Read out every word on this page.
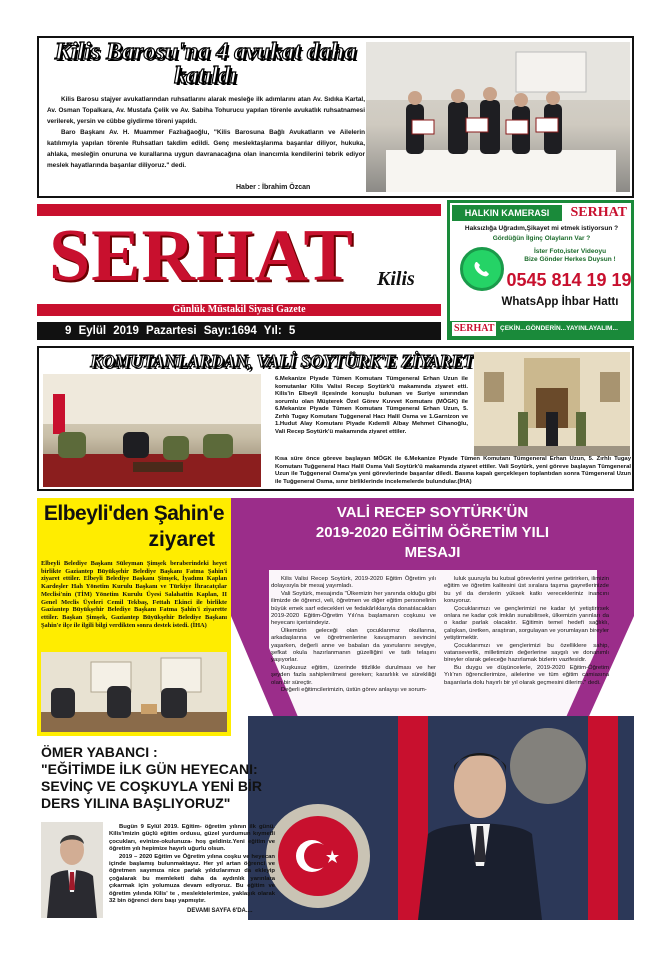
Kilis Barosu'na 4 avukat daha katıldı

Kilis Barosu stajyer avukatlarından ruhsatlarını alarak mesleğe ilk adımlarını atan Av. Sıdıka Kartal, Av. Osman Topalkara, Av. Mustafa Çelik ve Av. Sabiha Tohurucu yapılan törenle avukatlık ruhsatnamesi verilerek, yersin ve cübbe giydirme töreni yapıldı.

Baro Başkanı Av. H. Muammer Fazlıağaoğlu, "Kilis Barosuna Bağlı Avukatların ve Ailelerin katılımıyla yapılan törenle Ruhsatları takdim edildi. Genç meslektaşlarıma başarılar diliyor, hukuka, ahlaka, mesleğin onuruna ve kurallarına uygun davranacağına olan inancımla kendilerini tebrik ediyor meslek hayatlarında başarılar diliyoruz." dedi.

Haber : İbrahim Özcan
SERHAT Kilis
Günlük Müstakil Siyasi Gazete
9 Eylül 2019 Pazartesi Sayı:1694 Yıl: 5
HALKIN KAMERASI	SERHAT
Haksızlığa Uğradım,Şikayet mi etmek istiyorsun ?
Gördüğün İlginç Olayların Var ?
İster Foto,ister Videoyu
Bize Gönder Herkes Duysun !
0545 814 19 19
WhatsApp İhbar Hattı
SERHAT ÇEKİN...GÖNDERİN...YAYINLAYALIM...
KOMUTANLARDAN, VALİ SOYTÜRK'E ZİYARET
6.Mekanize Piyade Tümen Komutanı Tümgeneral Erhan Uzun ile komutanlar Kilis Valisi Recep Soytürk'ü makamında ziyaret etti. Kilis'in Elbeyli ilçesinde konuşlu bulunan ve Suriye sınırından sorumlu olan Müşterek Özel Görev Kuvvet Komutanı (MÖGK) ile 6.Mekanize Piyade Tümen Komutanı Tümgeneral Erhan Uzun, 5. Zırhlı Tugay Komutanı Tuğgeneral Hacı Halil Osma ve 1.Garnizon ve 1.Hudut Alay Komutanı Piyade Kıdemli Albay Mehmet Cihanoğlu, Vali Recep Soytürk'ü makamında ziyaret ettiler.
Kısa süre önce göreve başlayan MÖGK ile 6.Mekanize Piyade Tümen Komutanı Tümgeneral Erhan Uzun, 5. Zırhlı Tugay Komutanı Tuğgeneral Hacı Halil Osma Vali Soytürk'ü makamında ziyaret ettiler. Vali Soytürk, yeni göreve başlayan Tümgeneral Uzun ile Tuğgeneral Osma'ya yeni görevlerinde başarılar diledi. Basına kapalı gerçekleşen toplantıdan sonra Tümgeneral Uzun ile Tuğgeneral Osma, sınır birliklerinde incelemelerde bulundular.(İHA)
Elbeyli'den Şahin'e
ziyaret
Elbeyli Belediye Başkanı Süleyman Şimşek beraberindeki heyet birlikte Gaziantep Büyükşehir Belediye Başkanı Fatma Şahin'i ziyaret ettiler. Elbeyli Belediye Başkanı Şimşek, İyadımı Kaplan Kardeşler Hah Yönetim Kurulu Başkanı ve Türkiye İhracatçılar Meclisi'nin (TİM) Yönetim Kurulu Üyesi Salahattin Kaplan, II Genel Meclis Üyeleri Cemil Tekbaş, Fettah Ekinci ile birlikte Gaziantep Büyükşehir Belediye Başkanı Fatma Şahin'i ziyarette ettiler. Başkan Şimşek, Gaziantep Büyükşehir Belediye Başkanı Şahin'e ilçe ile ilgili bilgi verdikten sonra destek istedi. (İHA)
VALİ RECEP SOYTÜRK'ÜN
2019-2020 EĞİTİM ÖĞRETİM YILI
MESAJI

Kilis Valisi Recep Soytürk, 2019-2020 Eğitim Öğretim yılı dolayısıyla bir mesaj yayımladı.

Vali Soytürk, mesajında "Ülkemizin her yanında olduğu gibi ilimizde de öğrenci, veli, öğretmen ve diğer eğitim personelinin büyük emek sarf edecekleri ve fedakârlıklarıyla donatılacakları 2019-2020 Eğitim-Öğretim Yılı'na başlamanın coşkusu ve heyecanı içerisindeyiz.

Ülkemizin geleceği olan çocuklarımız okullarına, arkadaşlarına ve öğretmenlerine kavuşmanın sevincini yaşarken, değerli anne ve babaları da yavrularını sevgiye, şefkat okula hazırlanmanın güzelliğini ve tatlı telaşını yaşıyorlar.

Kuşkusuz eğitim, üzerinde titizlikle durulması ve her şeyden fazla sahiplenilmesi gereken; kararlılık ve sürekliliği olan bir süreçtir.

Değerli eğitimcilerimizin, üstün görev anlayışı ve sorum-

luluk şuuruyla bu kutsal görevlerini yerine getirirken, ilimizin eğitim ve öğretim kalitesini üst sıralara taşıma gayretlerinizde bu yıl da derslerin yüksek katkı verecekleriniz inancını koruyoruz.

Çocuklarımızı ve gençlerimizi ne kadar iyi yetiştirirsek onlara ne kadar çok imkân sunabilirsek, ülkemizin yarınları da o kadar parlak olacaktır. Eğitimin temel hedefi sağlıklı, çalışkan, üretken, araştıran, sorgulayan ve yorumlayan bireyler yetiştirmektir.

Çocuklarımızı ve gençlerimizi bu özelliklere sahip, vatanseverlik, milletimizin değerlerine saygılı ve donanımlı bireyler olarak geleceğe hazırlamak bizlerin vazifesidir.

Bu duygu ve düşüncelerle, 2019-2020 Eğitim-Öğretim Yılı'nın öğrencilerimize, ailelerine ve tüm eğitim camiasına başarılarla dolu hayırlı bir yıl olarak geçmesini dilerim." dedi.

ÖMER YABANCI :
"EĞİTİMDE İLK GÜN HEYECANI:
SEVİNÇ VE COŞKUYLA YENİ BİR
DERS YILINA BAŞLIYORUZ"

Bugün 9 Eylül 2019. Eğitim- öğretim yılının ilk günü. Kilis'imizin güçlü eğitim ordusu, güzel yurdumun kıymetli çocukları, evinize-okulunuza- hoş geldiniz.Yeni eğitim ve öğretim yılı hepimize hayırlı uğurlu olsun.

2019 – 2020 Eğitim ve Öğretim yılına coşku ve heyecan içinde başlamış bulunmaktayız. Her yıl artan öğrenci ve öğretmen sayımıza nice parlak yıldızlarımızı da ekleyip çoğalarak bu memleketi daha da aydınlık yarınlara çıkarmak için yolumuza devam ediyoruz. Bu eğitim ve öğretim yılında Kilis' te , meslektelerimize, yaklaşık olarak 32 bin öğrenci ders başı yapmıştır.

DEVAMI SAYFA 6'DA....
